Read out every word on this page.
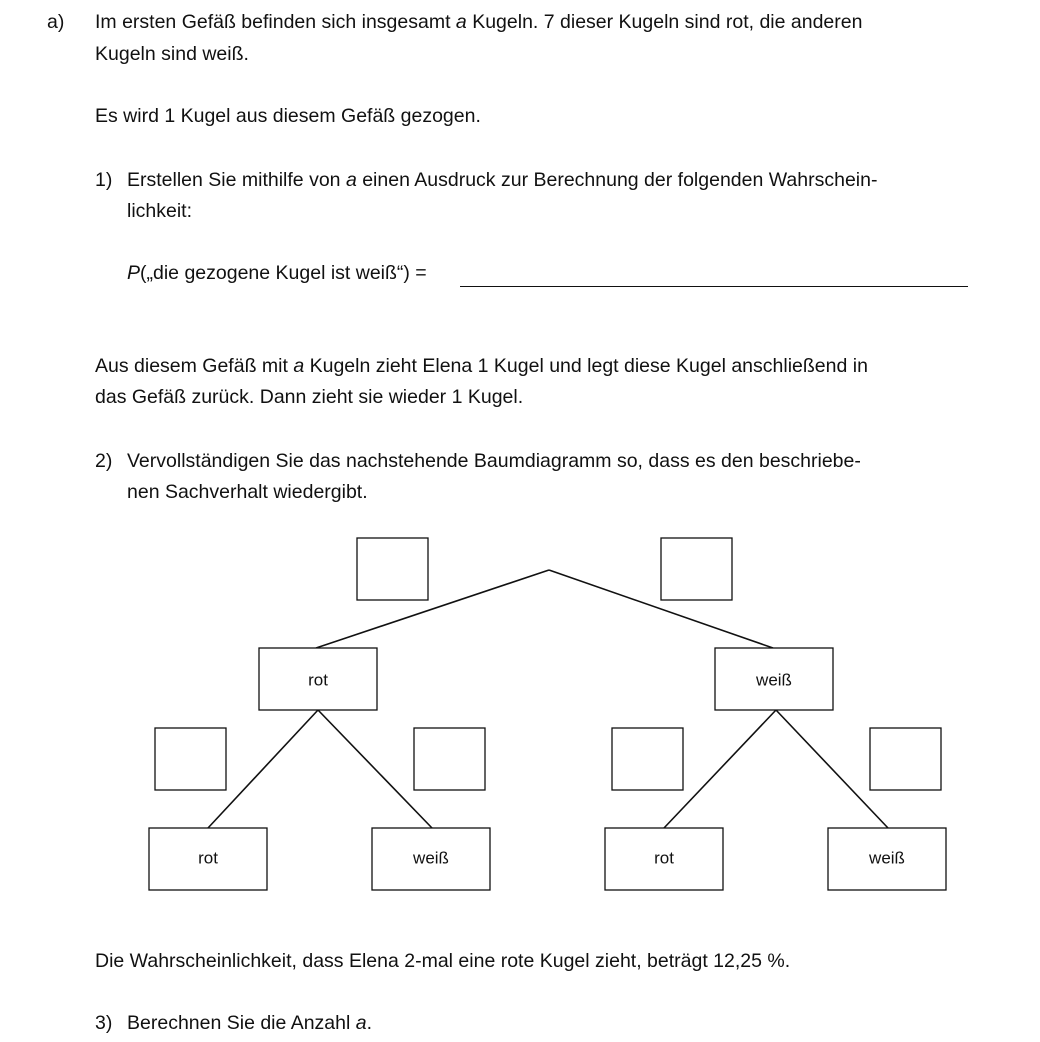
a) Im ersten Gefäß befinden sich insgesamt a Kugeln. 7 dieser Kugeln sind rot, die anderen
Kugeln sind weiß.
Es wird 1 Kugel aus diesem Gefäß gezogen.
1) Erstellen Sie mithilfe von a einen Ausdruck zur Berechnung der folgenden Wahrschein-
lichkeit:
P(„die gezogene Kugel ist weiß“) =
Aus diesem Gefäß mit a Kugeln zieht Elena 1 Kugel und legt diese Kugel anschließend in
das Gefäß zurück. Dann zieht sie wieder 1 Kugel.
2) Vervollständigen Sie das nachstehende Baumdiagramm so, dass es den beschriebe-
nen Sachverhalt wiedergibt.
rot	weiß
rot	weiß	rot	weiß
Die Wahrscheinlichkeit, dass Elena 2-mal eine rote Kugel zieht, beträgt 12,25 %.
3) Berechnen Sie die Anzahl a.
